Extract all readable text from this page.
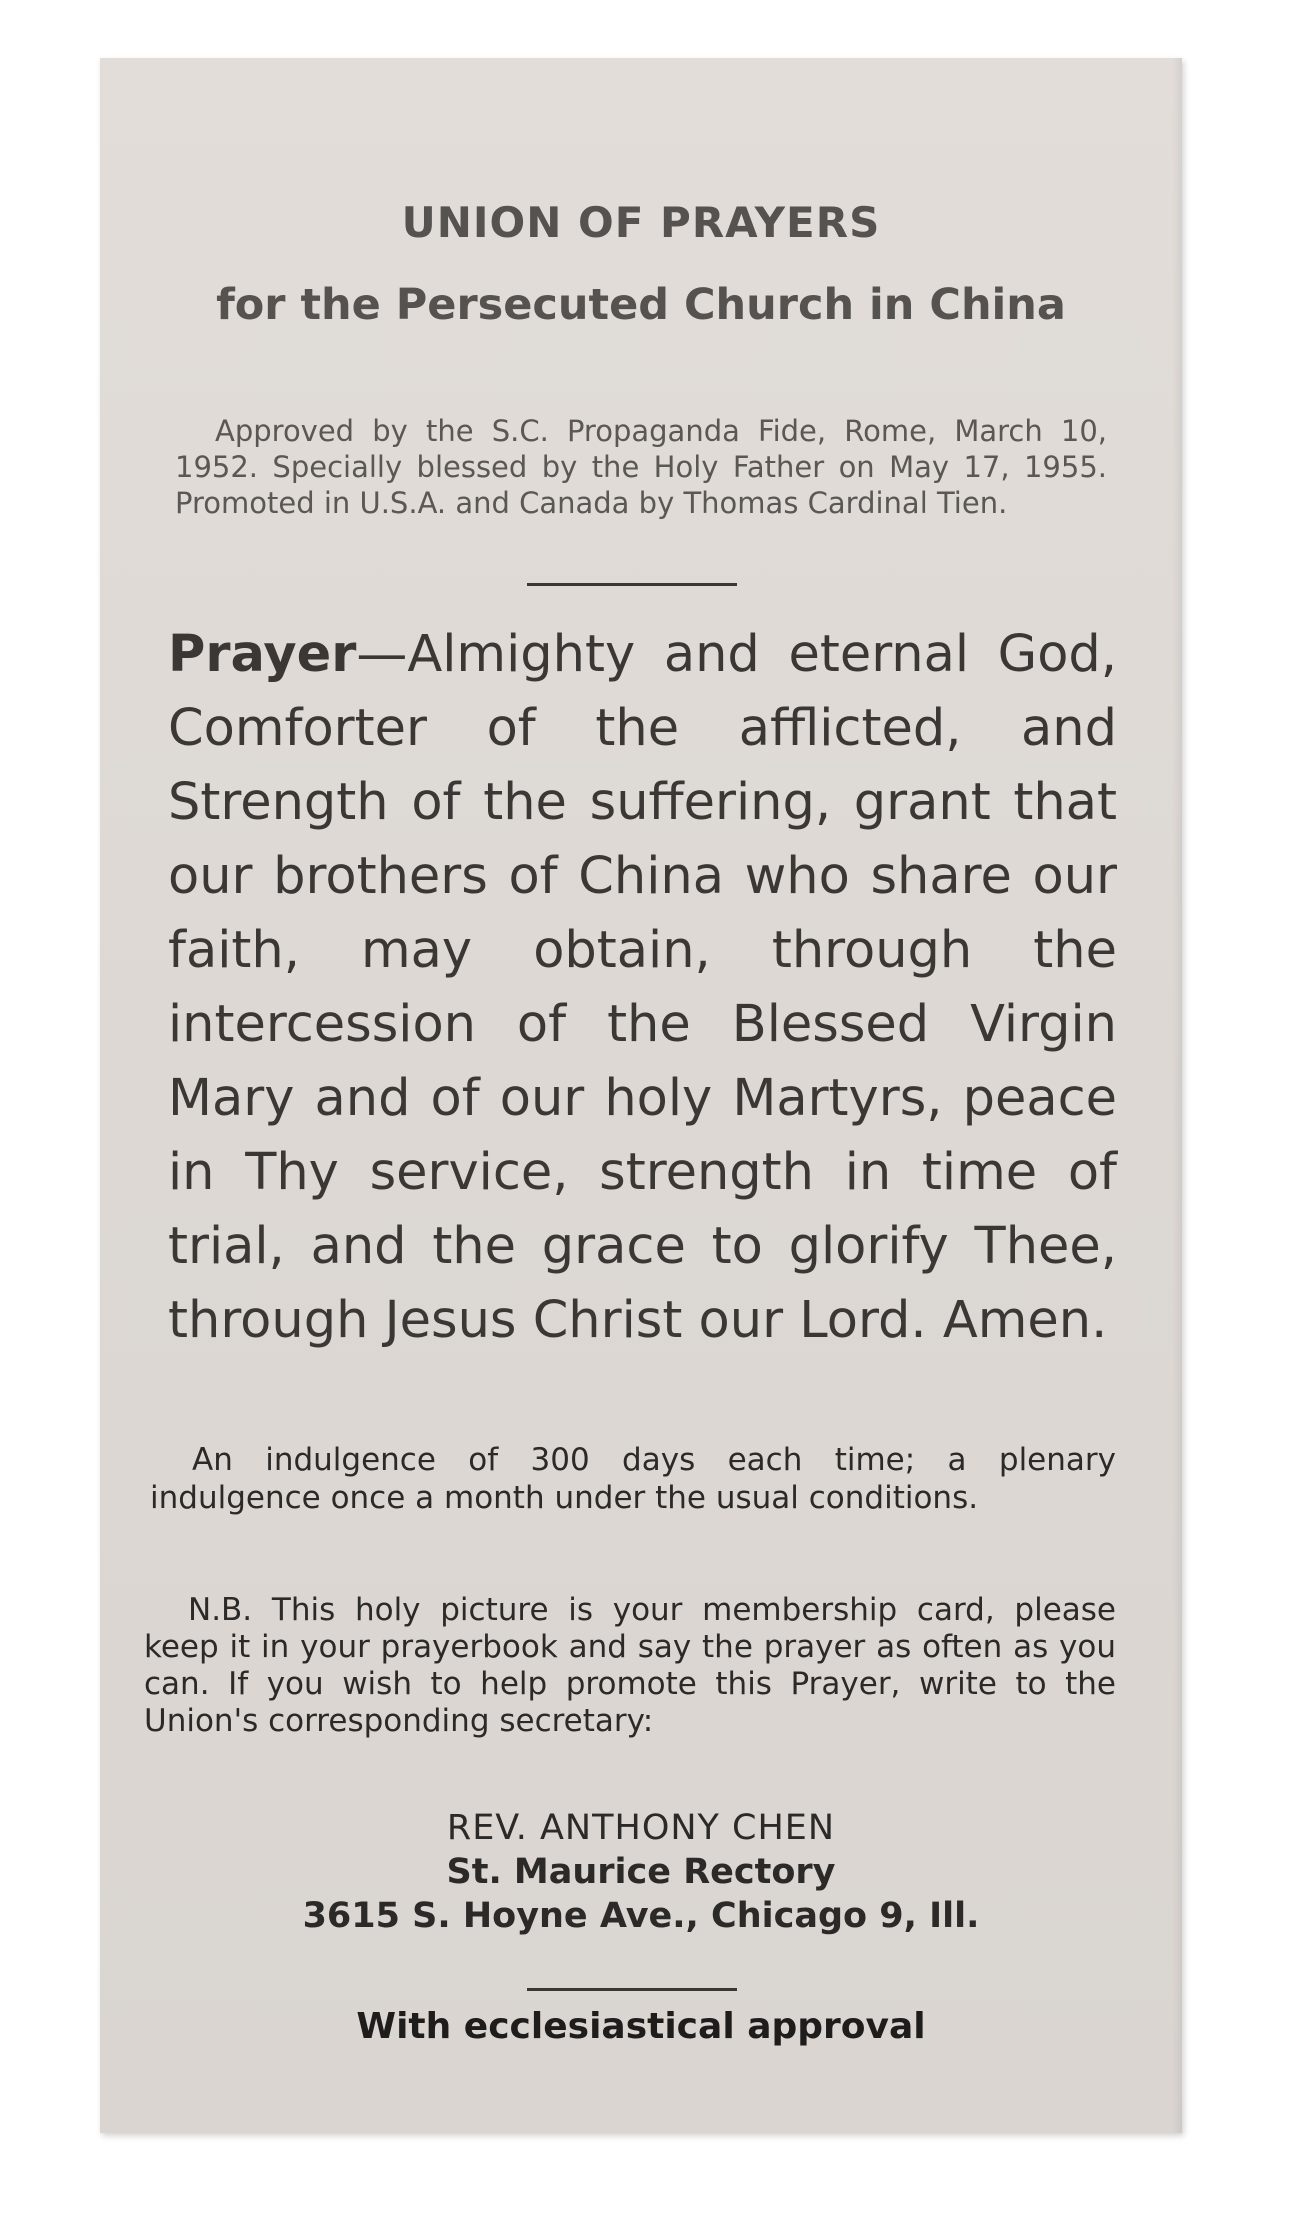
UNION OF PRAYERS
for the Persecuted Church in China
Approved by the S.C. Propaganda Fide, Rome, March 10, 1952. Specially blessed by the Holy Father on May 17, 1955. Promoted in U.S.A. and Canada by Thomas Cardinal Tien.
Prayer—Almighty and eternal God, Comforter of the afflicted, and Strength of the suffering, grant that our brothers of China who share our faith, may obtain, through the intercession of the Blessed Virgin Mary and of our holy Martyrs, peace in Thy service, strength in time of trial, and the grace to glorify Thee, through Jesus Christ our Lord. Amen.
An indulgence of 300 days each time; a plenary indulgence once a month under the usual conditions.
N.B. This holy picture is your membership card, please keep it in your prayerbook and say the prayer as often as you can. If you wish to help promote this Prayer, write to the Union's corresponding secretary:
REV. ANTHONY CHEN
St. Maurice Rectory
3615 S. Hoyne Ave., Chicago 9, Ill.
With ecclesiastical approval
